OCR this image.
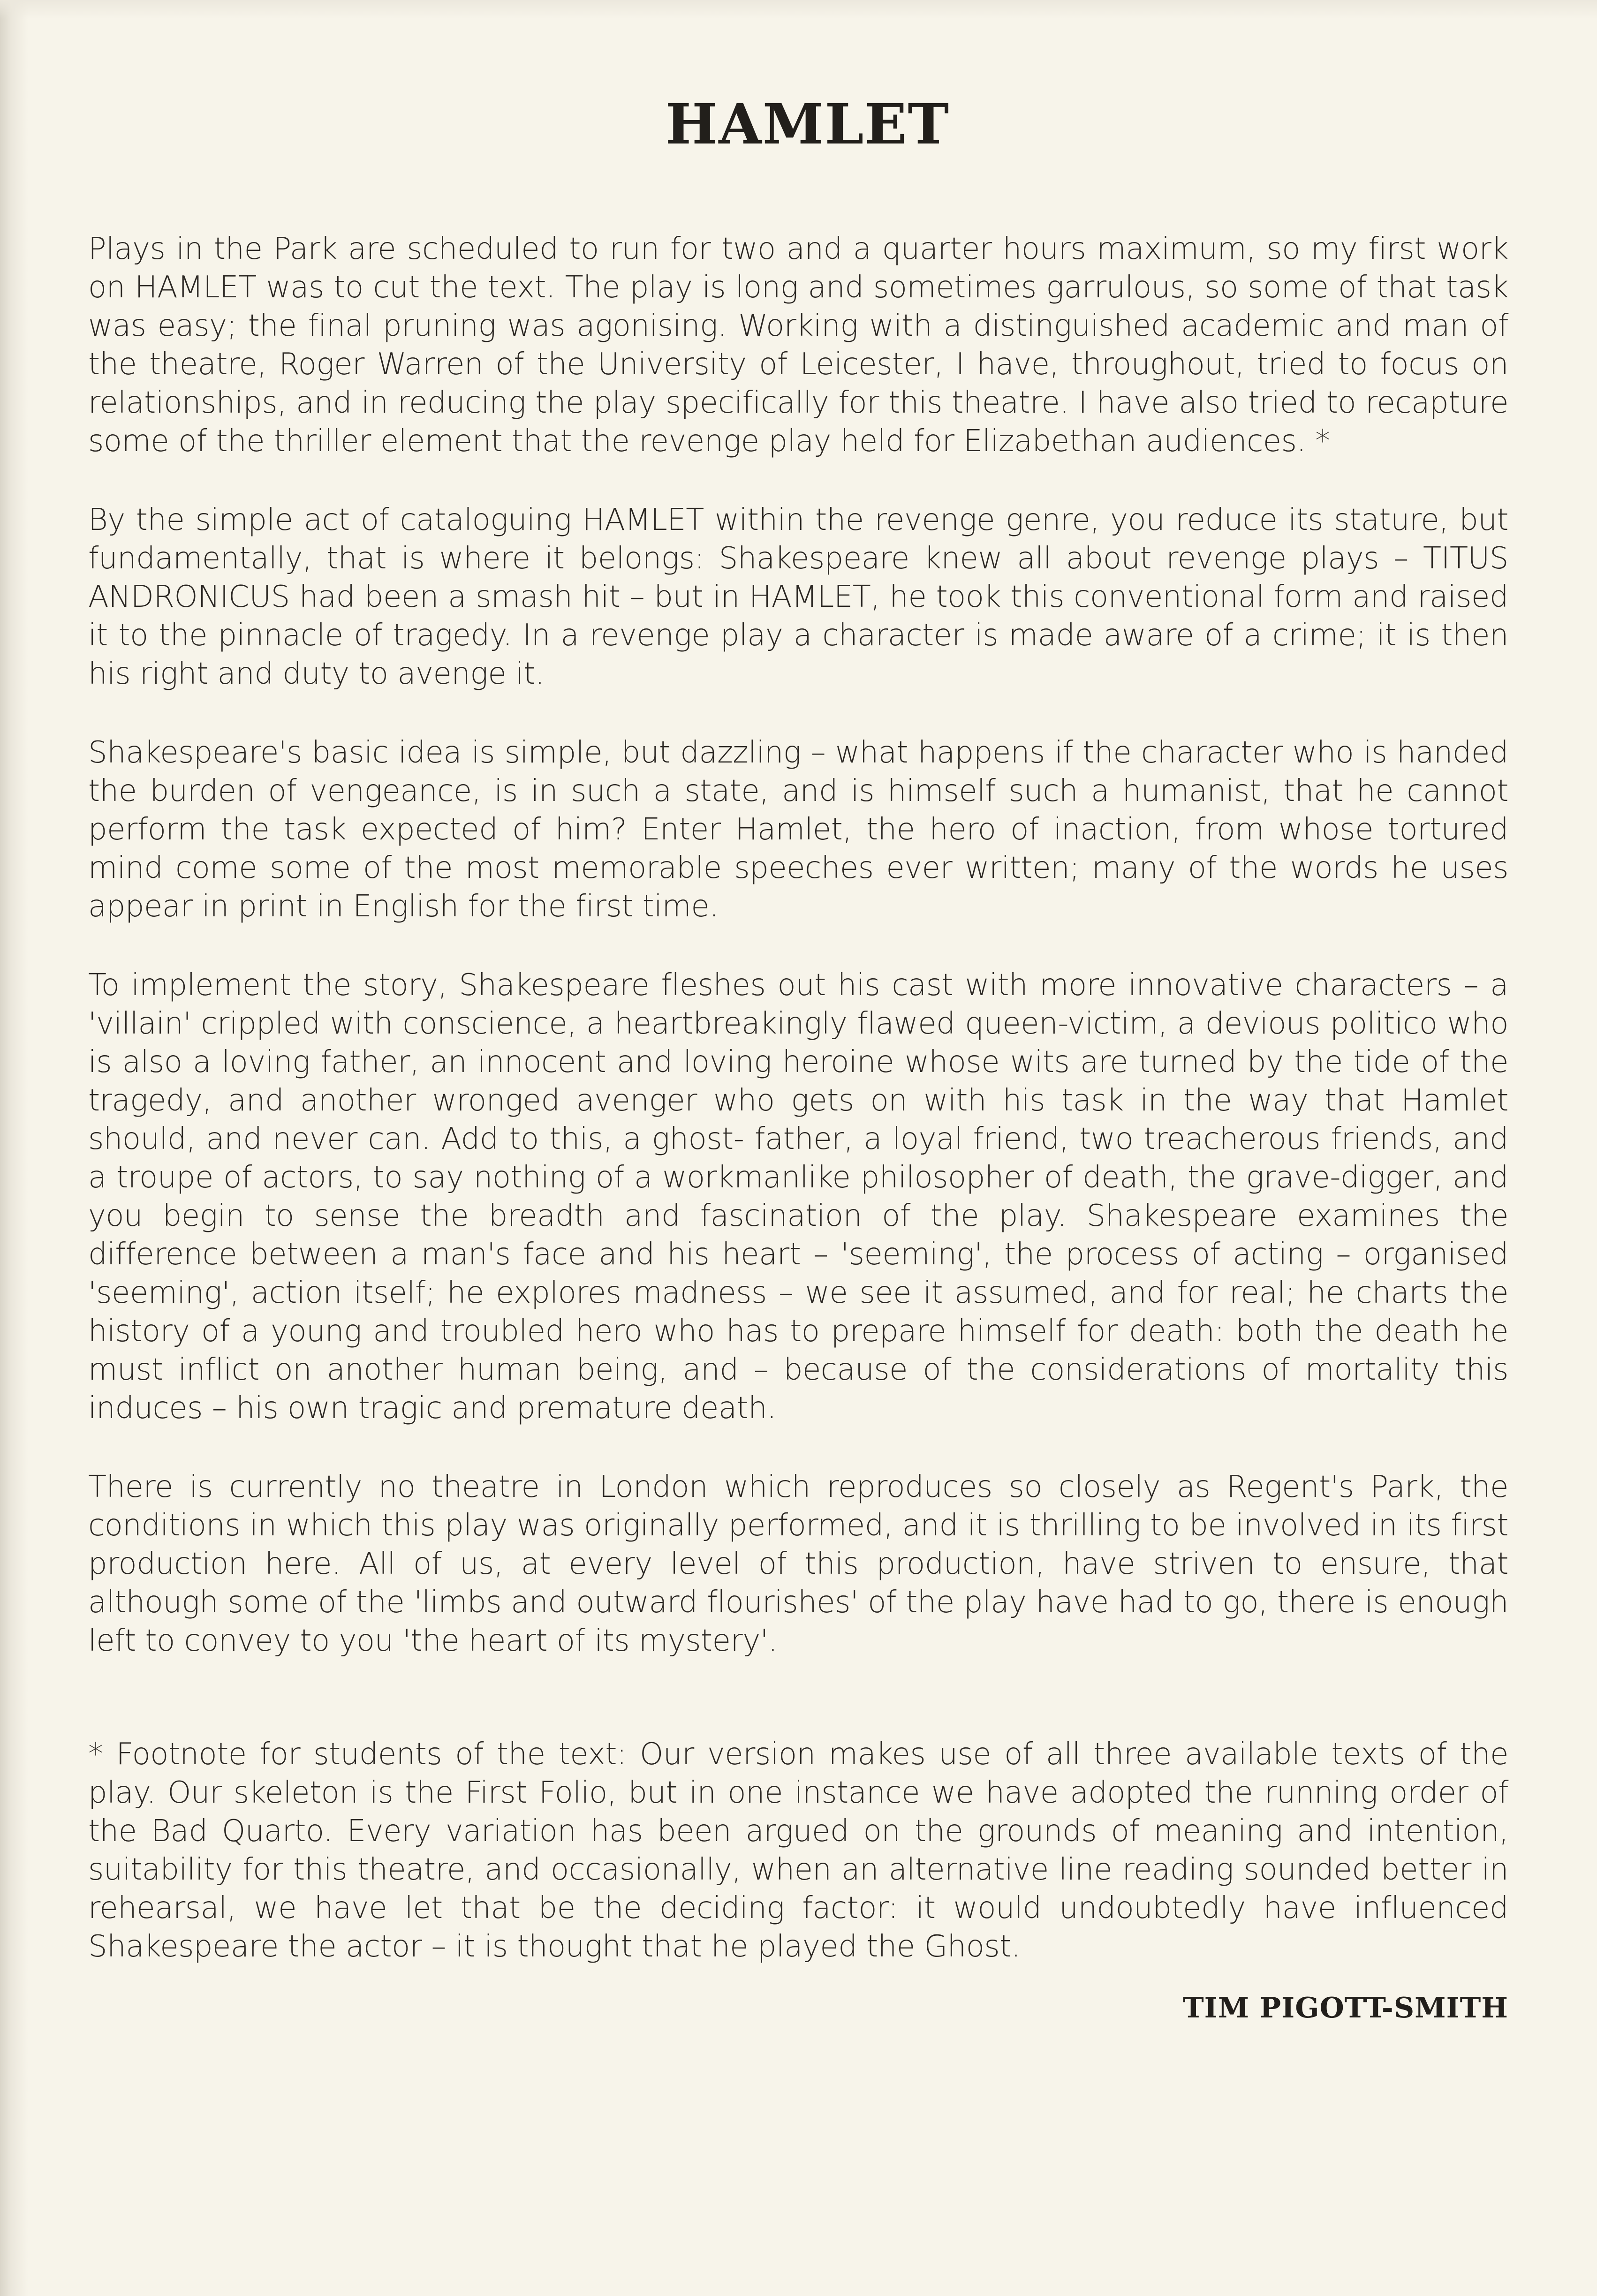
HAMLET

Plays in the Park are scheduled to run for two and a quarter hours maximum, so my first work on HAMLET was to cut the text. The play is long and sometimes garrulous, so some of that task was easy; the final pruning was agonising. Working with a distinguished academic and man of the theatre, Roger Warren of the University of Leicester, I have, throughout, tried to focus on relationships, and in reducing the play specifically for this theatre. I have also tried to recapture some of the thriller element that the revenge play held for Elizabethan audiences. *

By the simple act of cataloguing HAMLET within the revenge genre, you reduce its stature, but fundamentally, that is where it belongs: Shakespeare knew all about revenge plays – TITUS ANDRONICUS had been a smash hit – but in HAMLET, he took this conventional form and raised it to the pinnacle of tragedy. In a revenge play a character is made aware of a crime; it is then his right and duty to avenge it.

Shakespeare's basic idea is simple, but dazzling – what happens if the character who is handed the burden of vengeance, is in such a state, and is himself such a humanist, that he cannot perform the task expected of him? Enter Hamlet, the hero of inaction, from whose tortured mind come some of the most memorable speeches ever written; many of the words he uses appear in print in English for the first time.

To implement the story, Shakespeare fleshes out his cast with more innovative characters – a 'villain' crippled with conscience, a heartbreakingly flawed queen-victim, a devious politico who is also a loving father, an innocent and loving heroine whose wits are turned by the tide of the tragedy, and another wronged avenger who gets on with his task in the way that Hamlet should, and never can. Add to this, a ghost- father, a loyal friend, two treacherous friends, and a troupe of actors, to say nothing of a workmanlike philosopher of death, the grave-digger, and you begin to sense the breadth and fascination of the play. Shakespeare examines the difference between a man's face and his heart – 'seeming', the process of acting – organised 'seeming', action itself; he explores madness – we see it assumed, and for real; he charts the history of a young and troubled hero who has to prepare himself for death: both the death he must inflict on another human being, and – because of the considerations of mortality this induces – his own tragic and premature death.

There is currently no theatre in London which reproduces so closely as Regent's Park, the conditions in which this play was originally performed, and it is thrilling to be involved in its first production here. All of us, at every level of this production, have striven to ensure, that although some of the 'limbs and outward flourishes' of the play have had to go, there is enough left to convey to you 'the heart of its mystery'.

* Footnote for students of the text: Our version makes use of all three available texts of the play. Our skeleton is the First Folio, but in one instance we have adopted the running order of the Bad Quarto. Every variation has been argued on the grounds of meaning and intention, suitability for this theatre, and occasionally, when an alternative line reading sounded better in rehearsal, we have let that be the deciding factor: it would undoubtedly have influenced Shakespeare the actor – it is thought that he played the Ghost.

TIM PIGOTT-SMITH
